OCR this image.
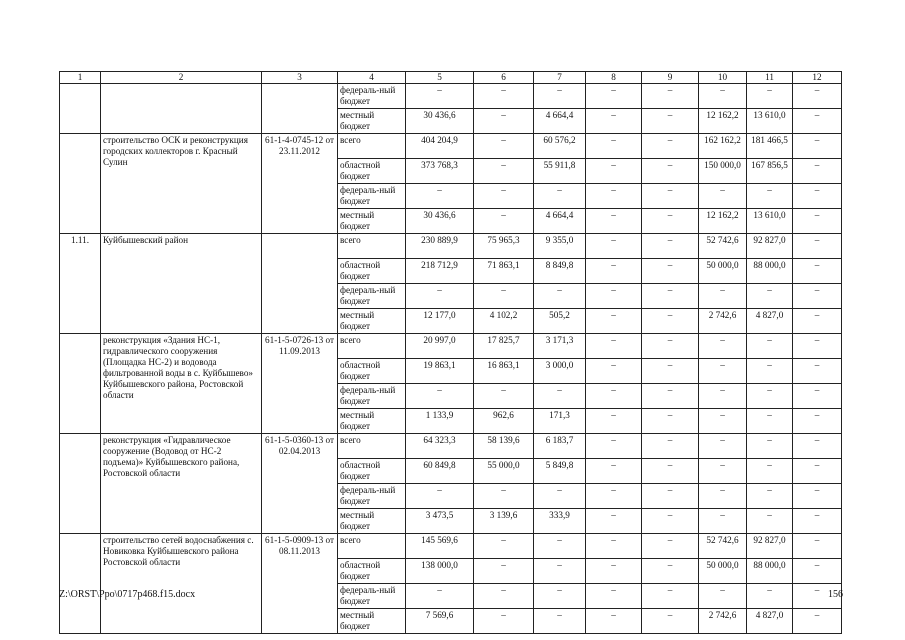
1	2	3	4	5	6	7	8	9	10	11	12
			федераль-ный бюджет	–	–	–	–	–	–	–	–
			местный бюджет	30 436,6	–	4 664,4	–	–	12 162,2	13 610,0	–
	строительство ОСК и реконструкция городских коллекторов г. Красный Сулин	61-1-4-0745-12 от 23.11.2012	всего	404 204,9	–	60 576,2	–	–	162 162,2	181 466,5	–
			областной бюджет	373 768,3	–	55 911,8	–	–	150 000,0	167 856,5	–
			федераль-ный бюджет	–	–	–	–	–	–	–	–
			местный бюджет	30 436,6	–	4 664,4	–	–	12 162,2	13 610,0	–
1.11.	Куйбышевский район		всего	230 889,9	75 965,3	9 355,0	–	–	52 742,6	92 827,0	–
			областной бюджет	218 712,9	71 863,1	8 849,8	–	–	50 000,0	88 000,0	–
			федераль-ный бюджет	–	–	–	–	–	–	–	–
			местный бюджет	12 177,0	4 102,2	505,2	–	–	2 742,6	4 827,0	–
	реконструкция «Здания НС-1, гидравлического сооружения (Площадка НС-2) и водовода фильтрованной воды в с. Куйбышево» Куйбышевского района, Ростовской области	61-1-5-0726-13 от 11.09.2013	всего	20 997,0	17 825,7	3 171,3	–	–	–	–	–
			областной бюджет	19 863,1	16 863,1	3 000,0	–	–	–	–	–
			федераль-ный бюджет	–	–	–	–	–	–	–	–
			местный бюджет	1 133,9	962,6	171,3	–	–	–	–	–
	реконструкция «Гидравлическое сооружение (Водовод от НС-2 подъема)» Куйбышевского района, Ростовской области	61-1-5-0360-13 от 02.04.2013	всего	64 323,3	58 139,6	6 183,7	–	–	–	–	–
			областной бюджет	60 849,8	55 000,0	5 849,8	–	–	–	–	–
			федераль-ный бюджет	–	–	–	–	–	–	–	–
			местный бюджет	3 473,5	3 139,6	333,9	–	–	–	–	–
	строительство сетей водоснабжения с. Новиковка Куйбышевского района Ростовской области	61-1-5-0909-13 от 08.11.2013	всего	145 569,6	–	–	–	–	52 742,6	92 827,0	–
			областной бюджет	138 000,0	–	–	–	–	50 000,0	88 000,0	–
			федераль-ный бюджет	–	–	–	–	–	–	–	–
			местный бюджет	7 569,6	–	–	–	–	2 742,6	4 827,0	–
Z:\ORST\Ppo\0717p468.f15.docx	156
